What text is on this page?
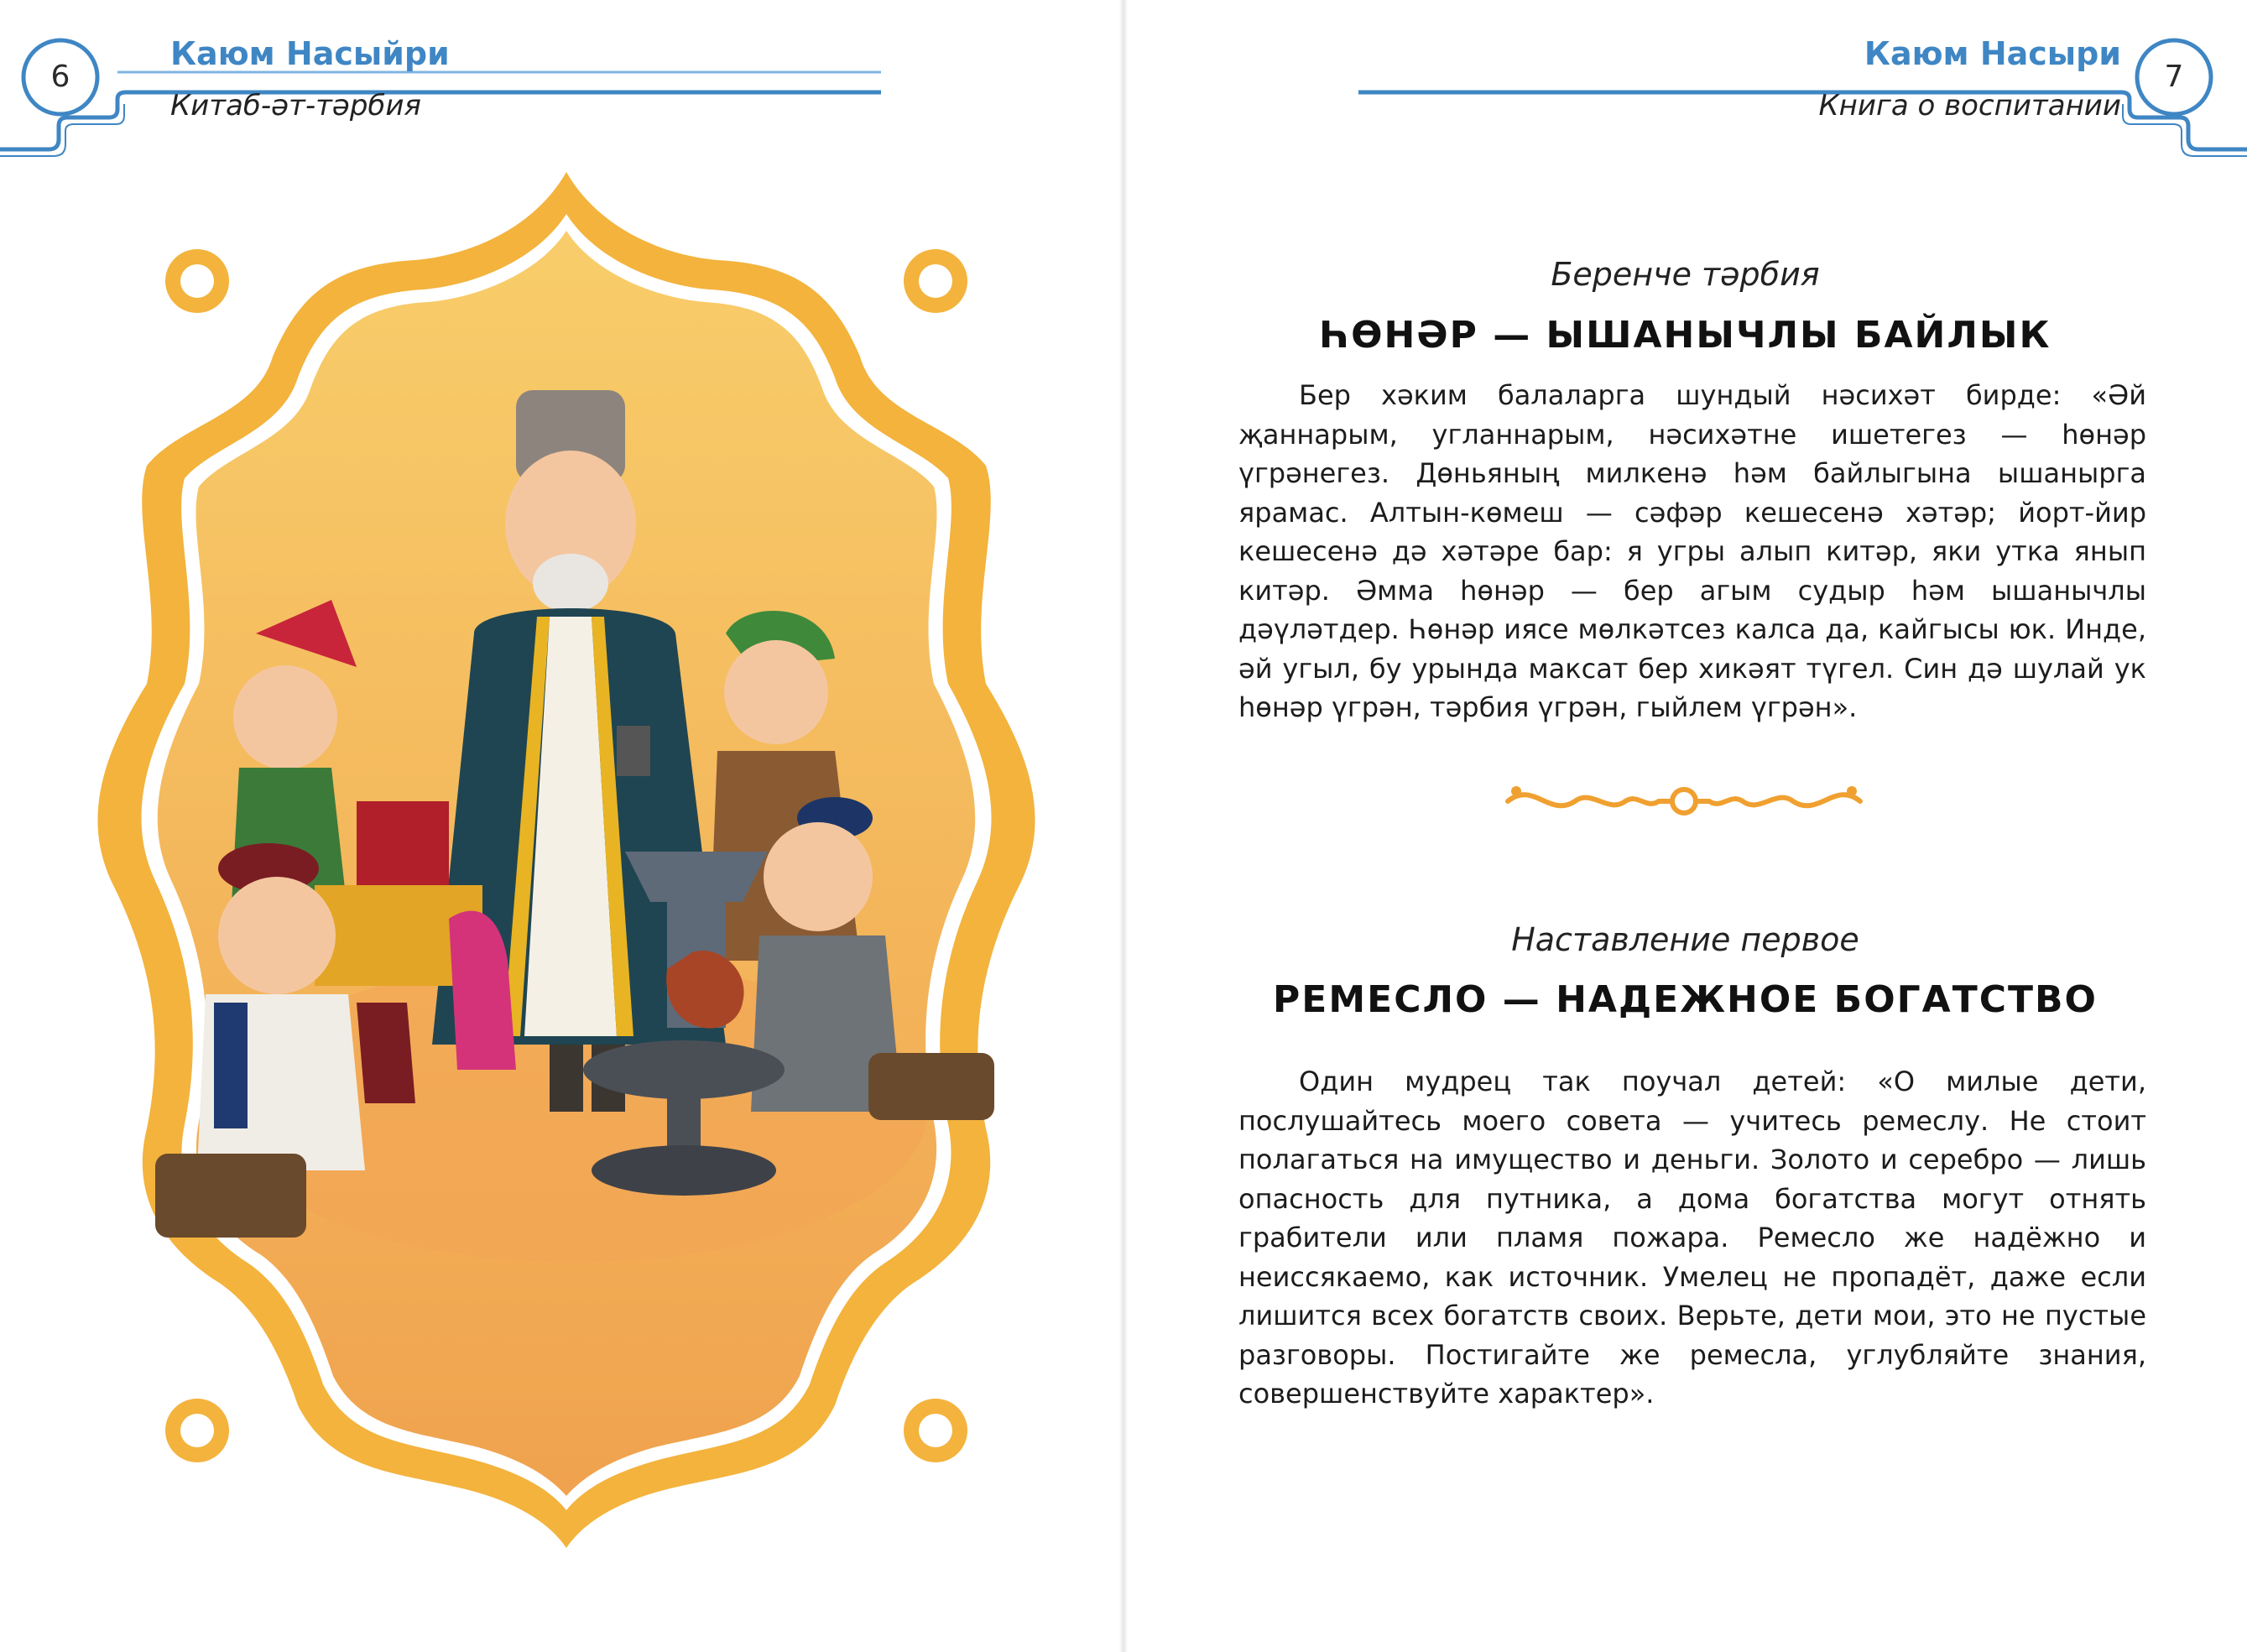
6
Каюм Насыйри
Китаб-әт-тәрбия
7
Каюм Насыри
Книга о воспитании
Беренче тәрбия
ҺӨНӘР — ЫШАНЫЧЛЫ БАЙЛЫК
Бер хәким балаларга шундый нәсихәт бирде: «Әй җаннарым, угланнарым, нәсихәтне ишетегез — һөнәр үгрәнегез. Дөньяның милкенә һәм байлыгына ышанырга ярамас. Алтын-көмеш — сәфәр кешесенә хәтәр; йорт-йир кешесенә дә хәтәре бар: я угры алып китәр, яки утка янып китәр. Әмма һөнәр — бер агым судыр һәм ышанычлы дәүләтдер. Һөнәр иясе мөлкәтсез калса да, кайгысы юк. Инде, әй угыл, бу урында максат бер хикәят түгел. Син дә шулай ук һөнәр үгрән, тәрбия үгрән, гыйлем үгрән».
Наставление первое
РЕМЕСЛО — НАДЕЖНОЕ БОГАТСТВО
Один мудрец так поучал детей: «О милые дети, послушайтесь моего совета — учитесь ремеслу. Не стоит полагаться на имущество и деньги. Золото и серебро — лишь опасность для путника, а дома богатства могут отнять грабители или пламя пожара. Ремесло же надёжно и неиссякаемо, как источник. Умелец не пропадёт, даже если лишится всех богатств своих. Верьте, дети мои, это не пустые разговоры. Постигайте же ремесла, углубляйте знания, совершенствуйте характер».
